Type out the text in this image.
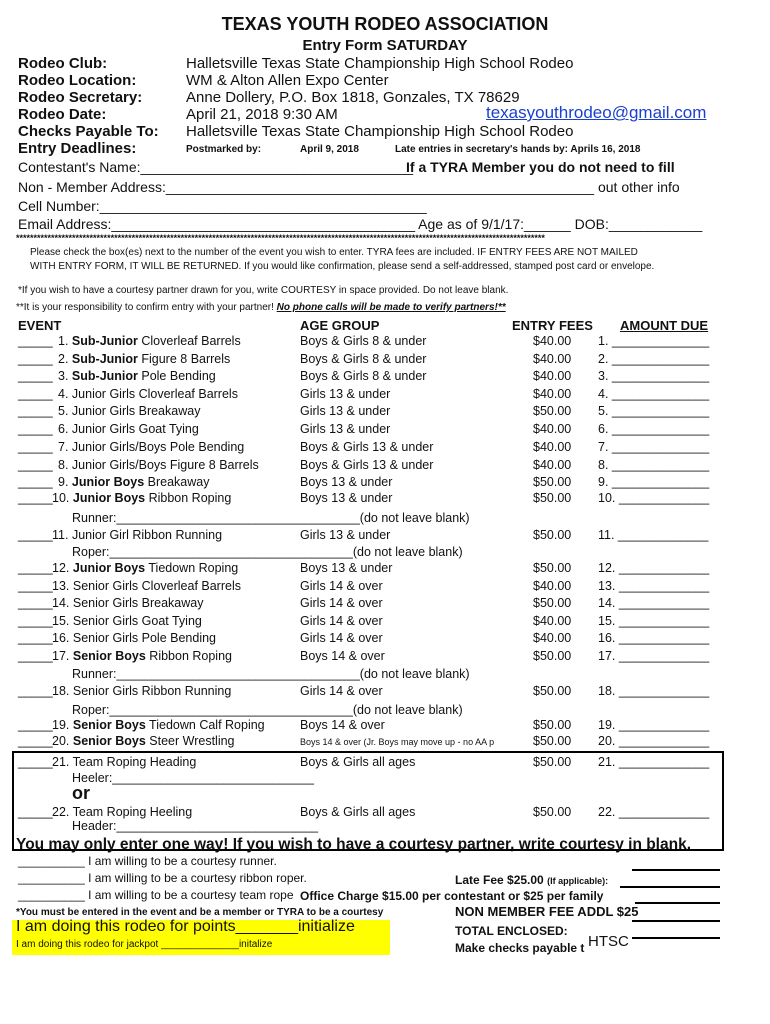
TEXAS YOUTH RODEO ASSOCIATION
Entry Form SATURDAY
Rodeo Club:	Halletsville Texas State Championship High School Rodeo
Rodeo Location:	WM & Alton Allen Expo Center
Rodeo Secretary:	Anne Dollery, P.O. Box 1818, Gonzales, TX 78629
Rodeo Date:	April 21, 2018 9:30 AM	texasyouthrodeo@gmail.com
Checks Payable To: Halletsville Texas State Championship High School Rodeo
Entry Deadlines:	Postmarked by:	April 9, 2018	Late entries in secretary's hands by: Aprils 16, 2018
Contestant's Name:___________________________________
If a TYRA Member you do not need to fill
Non - Member Address:_______________________________________________________ out other info
Cell Number:__________________________________________
Email Address:_______________________________________ Age as of 9/1/17:______ DOB:____________
*******************************************************************************************************************************************************
Please check the box(es) next to the number of the event you wish to enter. TYRA fees are included. IF ENTRY FEES ARE NOT MAILED
WITH ENTRY FORM, IT WILL BE RETURNED. If you would like confirmation, please send a self-addressed, stamped post card or envelope.
*If you wish to have a courtesy partner drawn for you, write COURTESY in space provided. Do not leave blank.
**It is your responsibility to confirm entry with your partner! No phone calls will be made to verify partners!**
EVENT	AGE GROUP	ENTRY FEES AMOUNT DUE
_____ 1. Sub-Junior Cloverleaf Barrels	Boys & Girls 8 & under	$40.00 1. ______________
_____ 2. Sub-Junior Figure 8 Barrels	Boys & Girls 8 & under	$40.00 2. ______________
_____ 3. Sub-Junior Pole Bending	Boys & Girls 8 & under	$40.00 3. ______________
_____ 4. Junior Girls Cloverleaf Barrels	Girls 13 & under	$40.00 4. ______________
_____ 5. Junior Girls Breakaway	Girls 13 & under	$50.00 5. ______________
_____ 6. Junior Girls Goat Tying	Girls 13 & under	$40.00 6. ______________
_____ 7. Junior Girls/Boys Pole Bending	Boys & Girls 13 & under	$40.00 7. ______________
_____ 8. Junior Girls/Boys Figure 8 Barrels	Boys & Girls 13 & under	$40.00 8. ______________
_____ 9. Junior Boys Breakaway	Boys 13 & under	$50.00 9. ______________
_____ 10. Junior Boys Ribbon Roping	Boys 13 & under	$50.00 10. _____________
_____ 11. Junior Girl Ribbon Running	Girls 13 & under	$50.00 11. _____________
_____ 12. Junior Boys Tiedown Roping	Boys 13 & under	$50.00 12. _____________
_____ 13. Senior Girls Cloverleaf Barrels	Girls 14 & over	$40.00 13. _____________
_____ 14. Senior Girls Breakaway	Girls 14 & over	$50.00 14. _____________
_____ 15. Senior Girls Goat Tying	Girls 14 & over	$40.00 15. _____________
_____ 16. Senior Girls Pole Bending	Girls 14 & over	$40.00 16. _____________
_____ 17. Senior Boys Ribbon Roping	Boys 14 & over	$50.00 17. _____________
_____ 18. Senior Girls Ribbon Running	Girls 14 & over	$50.00 18. _____________
_____ 19. Senior Boys Tiedown Calf Roping	Boys 14 & over	$50.00 19. _____________
_____ 20. Senior Boys Steer Wrestling	Boys 14 & over (Jr. Boys may move up - no AA p	$50.00 20. _____________
_____ 21. Team Roping Heading	Boys & Girls all ages	$50.00 21. _____________
_____ 22. Team Roping Heeling	Boys & Girls all ages	$50.00 22. _____________
Runner:___________________________________(do not leave blank)
Roper:___________________________________(do not leave blank)
Runner:___________________________________(do not leave blank)
Roper:___________________________________(do not leave blank)
Heeler:_____________________________
or
Header:_____________________________
You may only enter one way! If you wish to have a courtesy partner, write courtesy in blank.
__________ I am willing to be a courtesy runner.
__________ I am willing to be a courtesy ribbon roper.
__________ I am willing to be a courtesy team rope Office Charge $15.00 per contestant or $25 per family
*You must be entered in the event and be a member or TYRA to be a courtesy
Late Fee $25.00 (If applicable):
NON MEMBER FEE ADDL $25
TOTAL ENCLOSED:
Make checks payable t HTSC
I am doing this rodeo for points_______initialize
I am doing this rodeo for jackpot ______________initalize
